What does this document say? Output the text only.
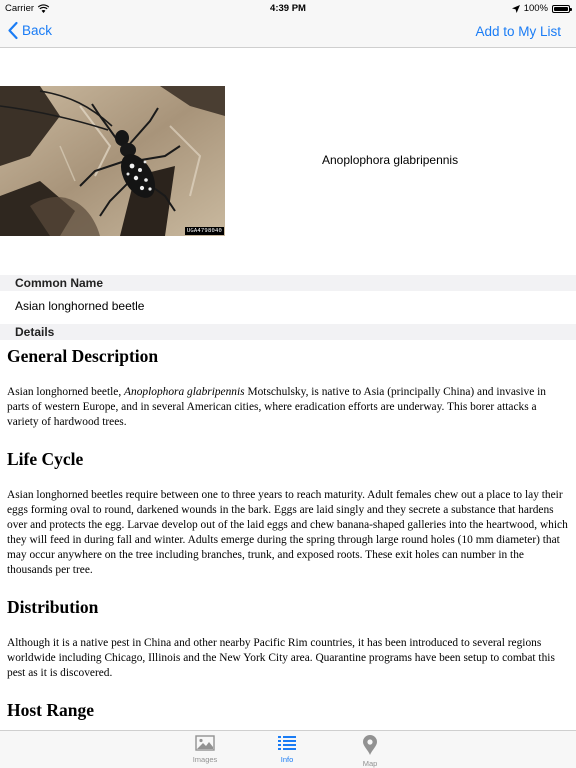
Carrier	4:39 PM	100%
Back	Add to My List
UGA4798040
Anoplophora glabripennis
Common Name
Asian longhorned beetle
Details
General Description

Asian longhorned beetle, Anoplophora glabripennis Motschulsky, is native to Asia (principally China) and invasive in parts of western Europe, and in several American cities, where eradication efforts are underway. This borer attacks a variety of hardwood trees.

Life Cycle

Asian longhorned beetles require between one to three years to reach maturity. Adult females chew out a place to lay their eggs forming oval to round, darkened wounds in the bark. Eggs are laid singly and they secrete a substance that hardens over and protects the egg. Larvae develop out of the laid eggs and chew banana-shaped galleries into the heartwood, which they will feed in during fall and winter. Adults emerge during the spring through large round holes (10 mm diameter) that may occur anywhere on the tree including branches, trunk, and exposed roots. These exit holes can number in the thousands per tree.

Distribution

Although it is a native pest in China and other nearby Pacific Rim countries, it has been introduced to several regions worldwide including Chicago, Illinois and the New York City area. Quarantine programs have been setup to combat this pest as it is discovered.

Host Range

Images	Info	Map
